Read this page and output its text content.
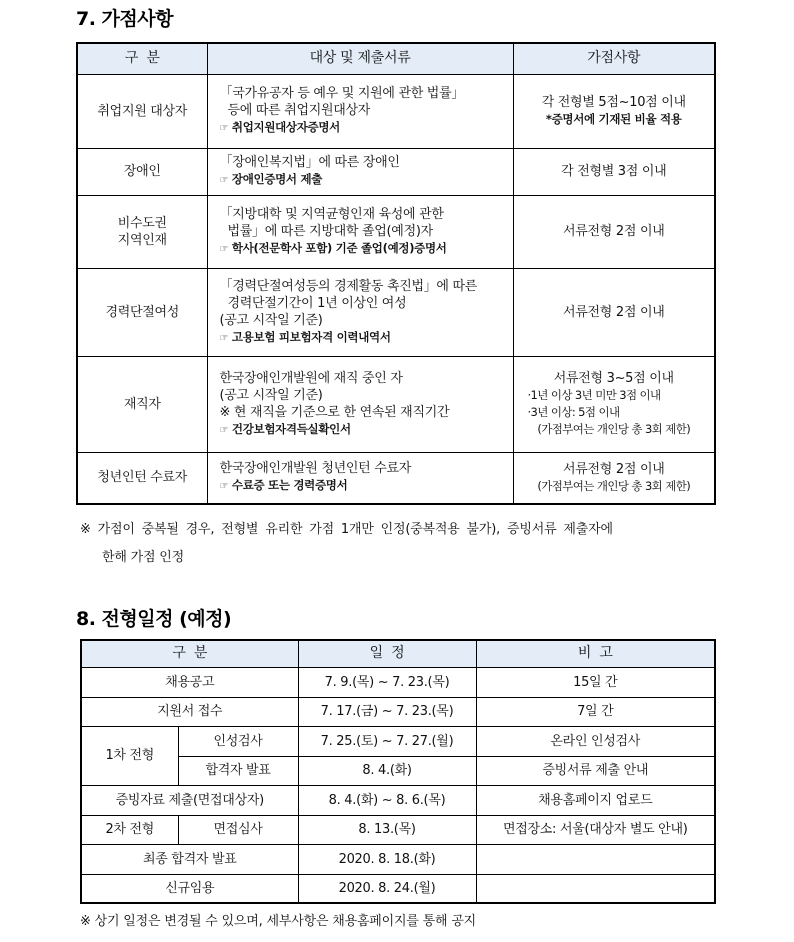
7. 가점사항
구  분	대상 및 제출서류	가점사항
취업지원 대상자	「국가유공자 등 예우 및 지원에 관한 법률」
등에 따른 취업지원대상자
☞ 취업지원대상자증명서	각 전형별 5점~10점 이내
*증명서에 기재된 비율 적용

장애인	「장애인복지법」에 따른 장애인
☞ 장애인증명서 제출	각 전형별 3점 이내

비수도권
지역인재	「지방대학 및 지역균형인재 육성에 관한
법률」에 따른 지방대학 졸업(예정)자
☞ 학사(전문학사 포함) 기준 졸업(예정)증명서	서류전형 2점 이내

경력단절여성	「경력단절여성등의 경제활동 촉진법」에 따른
경력단절기간이 1년 이상인 여성
(공고 시작일 기준)
☞ 고용보험 피보험자격 이력내역서	서류전형 2점 이내

재직자	한국장애인개발원에 재직 중인 자
(공고 시작일 기준)
※ 현 재직을 기준으로 한 연속된 재직기간
☞ 건강보험자격득실확인서	서류전형 3~5점 이내
·1년 이상 3년 미만 3점 이내
·3년 이상: 5점 이내
(가점부여는 개인당 총 3회 제한)

청년인턴 수료자	한국장애인개발원 청년인턴 수료자
☞ 수료증 또는 경력증명서	서류전형 2점 이내
(가점부여는 개인당 총 3회 제한)
※ 가점이 중복될 경우, 전형별 유리한 가점 1개만 인정(중복적용 불가), 증빙서류 제출자에
한해 가점 인정
8. 전형일정 (예정)
구  분		일  정	비  고
채용공고		7. 9.(목) ~ 7. 23.(목)	15일 간
지원서 접수		7. 17.(금) ~ 7. 23.(목)	7일 간
1차 전형	인성검사	7. 25.(토) ~ 7. 27.(월)	온라인 인성검사
	합격자 발표	8. 4.(화)	증빙서류 제출 안내
증빙자료 제출(면접대상자)		8. 4.(화) ~ 8. 6.(목)	채용홈페이지 업로드
2차 전형	면접심사	8. 13.(목)	면접장소: 서울(대상자 별도 안내)
최종 합격자 발표		2020. 8. 18.(화)	
신규임용		2020. 8. 24.(월)	
※ 상기 일정은 변경될 수 있으며, 세부사항은 채용홈페이지를 통해 공지
